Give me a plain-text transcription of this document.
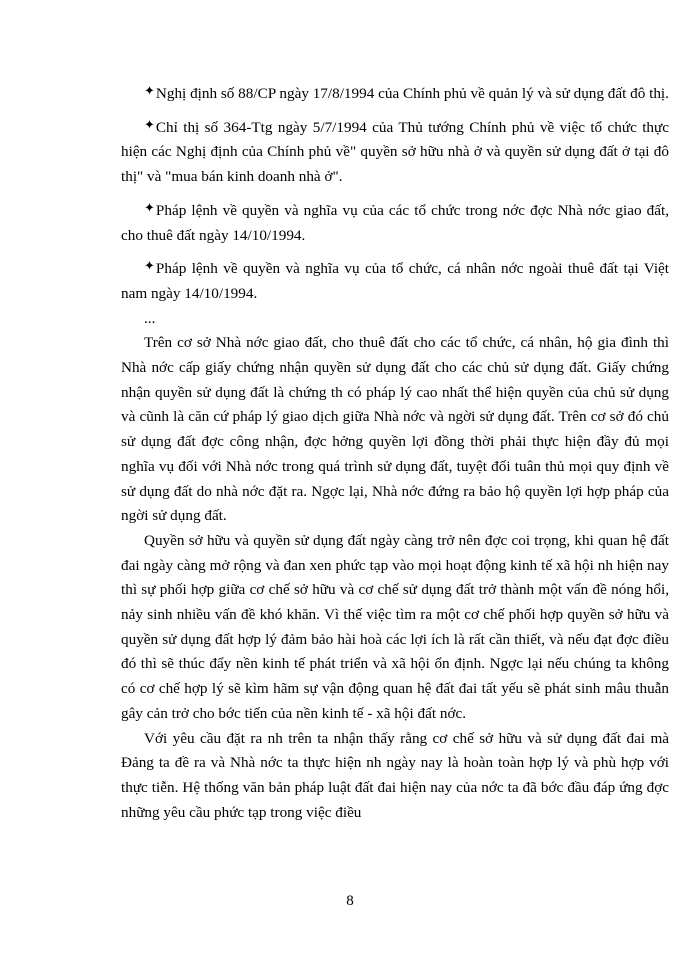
✦Nghị định số 88/CP ngày 17/8/1994 của Chính phủ về quản lý và sử dụng đất đô thị.

✦Chỉ thị số 364-Ttg ngày 5/7/1994 của Thủ tướng Chính phủ về việc tổ chức thực hiện các Nghị định của Chính phủ về" quyền sở hữu nhà ở và quyền sử dụng đất ở tại đô thị" và "mua bán kinh doanh nhà ở".

✦Pháp lệnh về quyền và nghĩa vụ của các tổ chức trong nớc đợc Nhà nớc giao đất, cho thuê đất ngày 14/10/1994.

✦Pháp lệnh về quyền và nghĩa vụ của tổ chức, cá nhân nớc ngoài thuê đất tại Việt nam ngày 14/10/1994.

...

Trên cơ sở Nhà nớc giao đất, cho thuê đất cho các tổ chức, cá nhân, hộ gia đình thì Nhà nớc cấp giấy chứng nhận quyền sử dụng đất cho các chủ sử dụng đất. Giấy chứng nhận quyền sử dụng đất là chứng th có pháp lý cao nhất thể hiện quyền của chủ sử dụng và cũnh là căn cứ pháp lý giao dịch giữa Nhà nớc và ngời sử dụng đất. Trên cơ sở đó chủ sử dụng đất đợc công nhận, đợc hởng quyền lợi đồng thời phải thực hiện đầy đủ mọi nghĩa vụ đối với Nhà nớc trong quá trình sử dụng đất, tuyệt đối tuân thủ mọi quy định về sử dụng đất do nhà nớc đặt ra. Ngợc lại, Nhà nớc đứng ra bảo hộ quyền lợi hợp pháp của ngời sử dụng đất.

Quyền sở hữu và quyền sử dụng đất ngày càng trở nên đợc coi trọng, khi quan hệ đất đai ngày càng mở rộng và đan xen phức tạp vào mọi hoạt động kinh tế xã hội nh hiện nay thì sự phối hợp giữa cơ chế sở hữu và cơ chế sử dụng đất trở thành một vấn đề nóng hổi, nảy sinh nhiều vấn đề khó khăn. Vì thế việc tìm ra một cơ chế phối hợp quyền sở hữu và quyền sử dụng đất hợp lý đảm bảo hài hoà các lợi ích là rất cần thiết, và nếu đạt đợc điều đó thì sẽ thúc đẩy nền kinh tế phát triển và xã hội ổn định. Ngợc lại nếu chúng ta không có cơ chế hợp lý sẽ kìm hãm sự vận động quan hệ đất đai tất yếu sẽ phát sinh mâu thuẫn gây cản trở cho bớc tiến của nền kinh tế - xã hội đất nớc.

Với yêu cầu đặt ra nh trên ta nhận thấy rằng cơ chế sở hữu và sử dụng đất đai mà Đảng ta đề ra và Nhà nớc ta thực hiện nh ngày nay là hoàn toàn hợp lý và phù hợp với thực tiễn. Hệ thống văn bản pháp luật đất đai hiện nay của nớc ta đã bớc đầu đáp ứng đợc những yêu cầu phức tạp trong việc điều

8
